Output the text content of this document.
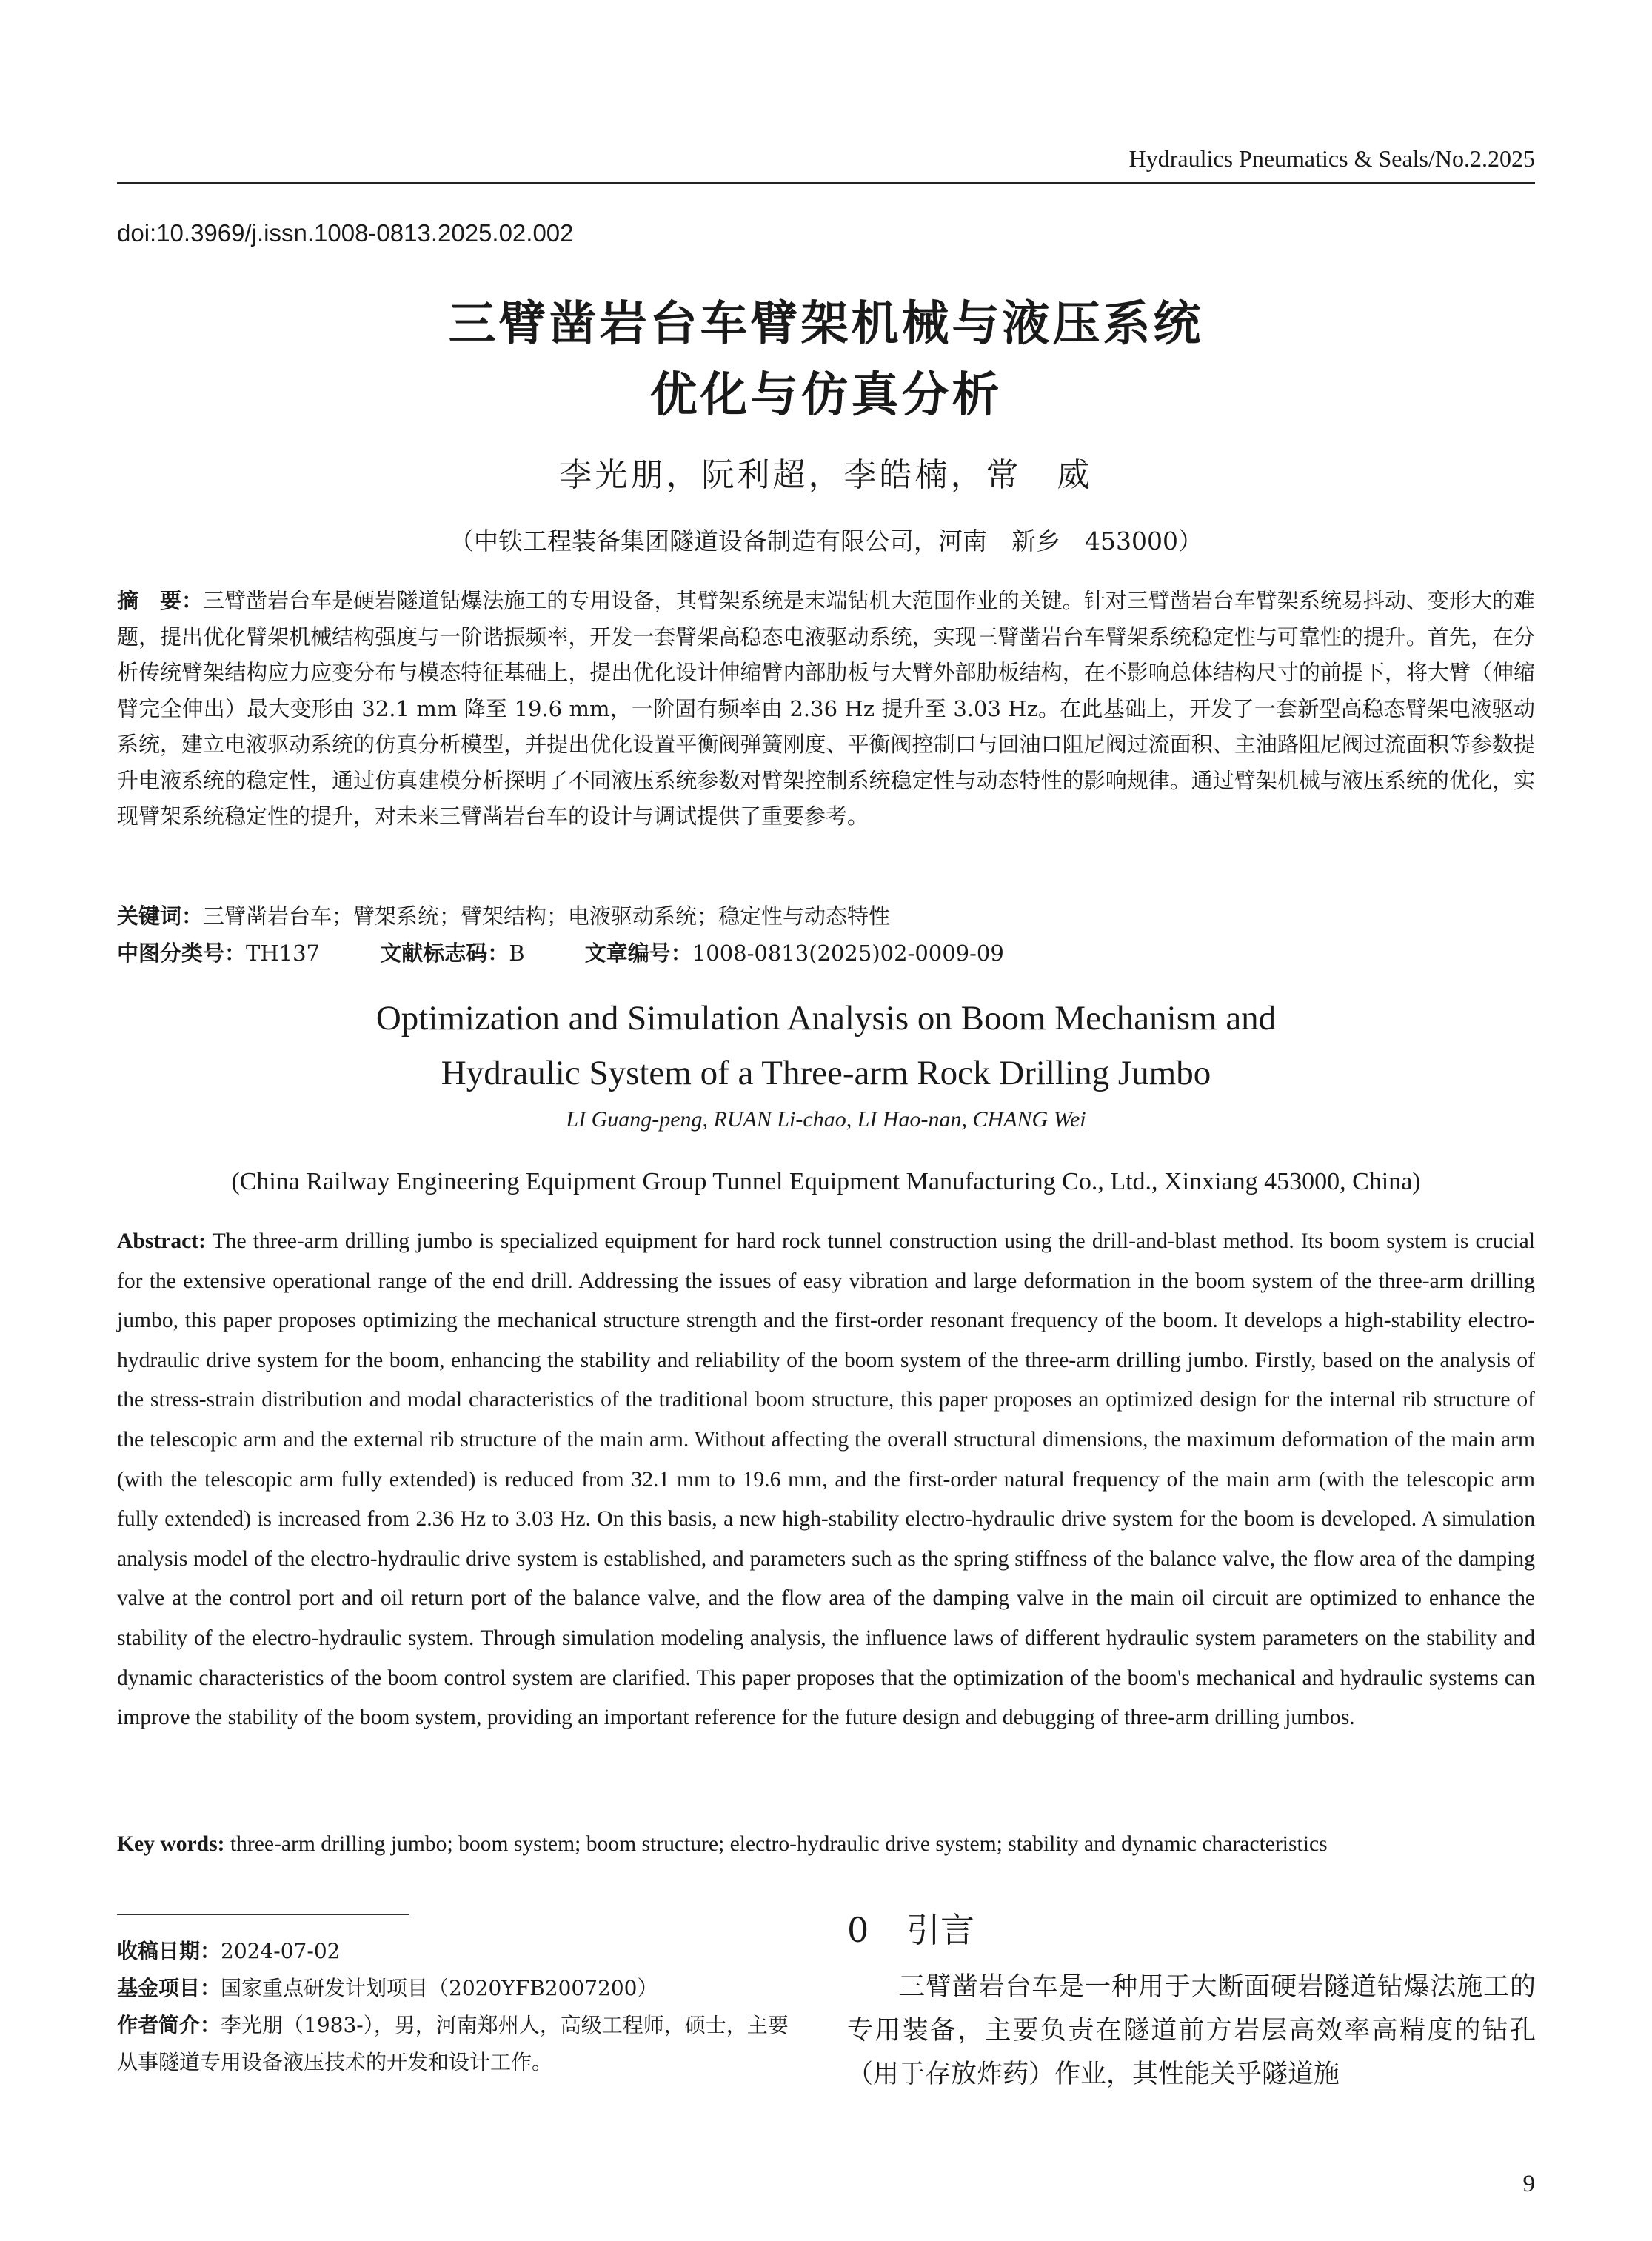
Hydraulics Pneumatics & Seals/No.2.2025
doi:10.3969/j.issn.1008-0813.2025.02.002
三臂凿岩台车臂架机械与液压系统
优化与仿真分析
李光朋，阮利超，李皓楠，常　威
（中铁工程装备集团隧道设备制造有限公司，河南　新乡　453000）
摘　要：三臂凿岩台车是硬岩隧道钻爆法施工的专用设备，其臂架系统是末端钻机大范围作业的关键。针对三臂凿岩台车臂架系统易抖动、变形大的难题，提出优化臂架机械结构强度与一阶谐振频率，开发一套臂架高稳态电液驱动系统，实现三臂凿岩台车臂架系统稳定性与可靠性的提升。首先，在分析传统臂架结构应力应变分布与模态特征基础上，提出优化设计伸缩臂内部肋板与大臂外部肋板结构，在不影响总体结构尺寸的前提下，将大臂（伸缩臂完全伸出）最大变形由 32.1 mm 降至 19.6 mm，一阶固有频率由 2.36 Hz 提升至 3.03 Hz。在此基础上，开发了一套新型高稳态臂架电液驱动系统，建立电液驱动系统的仿真分析模型，并提出优化设置平衡阀弹簧刚度、平衡阀控制口与回油口阻尼阀过流面积、主油路阻尼阀过流面积等参数提升电液系统的稳定性，通过仿真建模分析探明了不同液压系统参数对臂架控制系统稳定性与动态特性的影响规律。通过臂架机械与液压系统的优化，实现臂架系统稳定性的提升，对未来三臂凿岩台车的设计与调试提供了重要参考。
关键词：三臂凿岩台车；臂架系统；臂架结构；电液驱动系统；稳定性与动态特性
中图分类号：TH137	文献标志码：B	文章编号：1008-0813(2025)02-0009-09
Optimization and Simulation Analysis on Boom Mechanism and
Hydraulic System of a Three-arm Rock Drilling Jumbo
LI Guang-peng, RUAN Li-chao, LI Hao-nan, CHANG Wei
(China Railway Engineering Equipment Group Tunnel Equipment Manufacturing Co., Ltd., Xinxiang 453000, China)
Abstract: The three-arm drilling jumbo is specialized equipment for hard rock tunnel construction using the drill-and-blast method. Its boom system is crucial for the extensive operational range of the end drill. Addressing the issues of easy vibration and large deformation in the boom system of the three-arm drilling jumbo, this paper proposes optimizing the mechanical structure strength and the first-order resonant frequency of the boom. It develops a high-stability electro-hydraulic drive system for the boom, enhancing the stability and reliability of the boom system of the three-arm drilling jumbo. Firstly, based on the analysis of the stress-strain distribution and modal characteristics of the traditional boom structure, this paper proposes an optimized design for the internal rib structure of the telescopic arm and the external rib structure of the main arm. Without affecting the overall structural dimensions, the maximum deformation of the main arm (with the telescopic arm fully extended) is reduced from 32.1 mm to 19.6 mm, and the first-order natural frequency of the main arm (with the telescopic arm fully extended) is increased from 2.36 Hz to 3.03 Hz. On this basis, a new high-stability electro-hydraulic drive system for the boom is developed. A simulation analysis model of the electro-hydraulic drive system is established, and parameters such as the spring stiffness of the balance valve, the flow area of the damping valve at the control port and oil return port of the balance valve, and the flow area of the damping valve in the main oil circuit are optimized to enhance the stability of the electro-hydraulic system. Through simulation modeling analysis, the influence laws of different hydraulic system parameters on the stability and dynamic characteristics of the boom control system are clarified. This paper proposes that the optimization of the boom's mechanical and hydraulic systems can improve the stability of the boom system, providing an important reference for the future design and debugging of three-arm drilling jumbos.
Key words: three-arm drilling jumbo; boom system; boom structure; electro-hydraulic drive system; stability and dynamic characteristics
收稿日期：2024-07-02
基金项目：国家重点研发计划项目（2020YFB2007200）
作者简介：李光朋（1983-），男，河南郑州人，高级工程师，硕士，主要从事隧道专用设备液压技术的开发和设计工作。
0 引言
三臂凿岩台车是一种用于大断面硬岩隧道钻爆法施工的专用装备，主要负责在隧道前方岩层高效率高精度的钻孔（用于存放炸药）作业，其性能关乎隧道施
9
